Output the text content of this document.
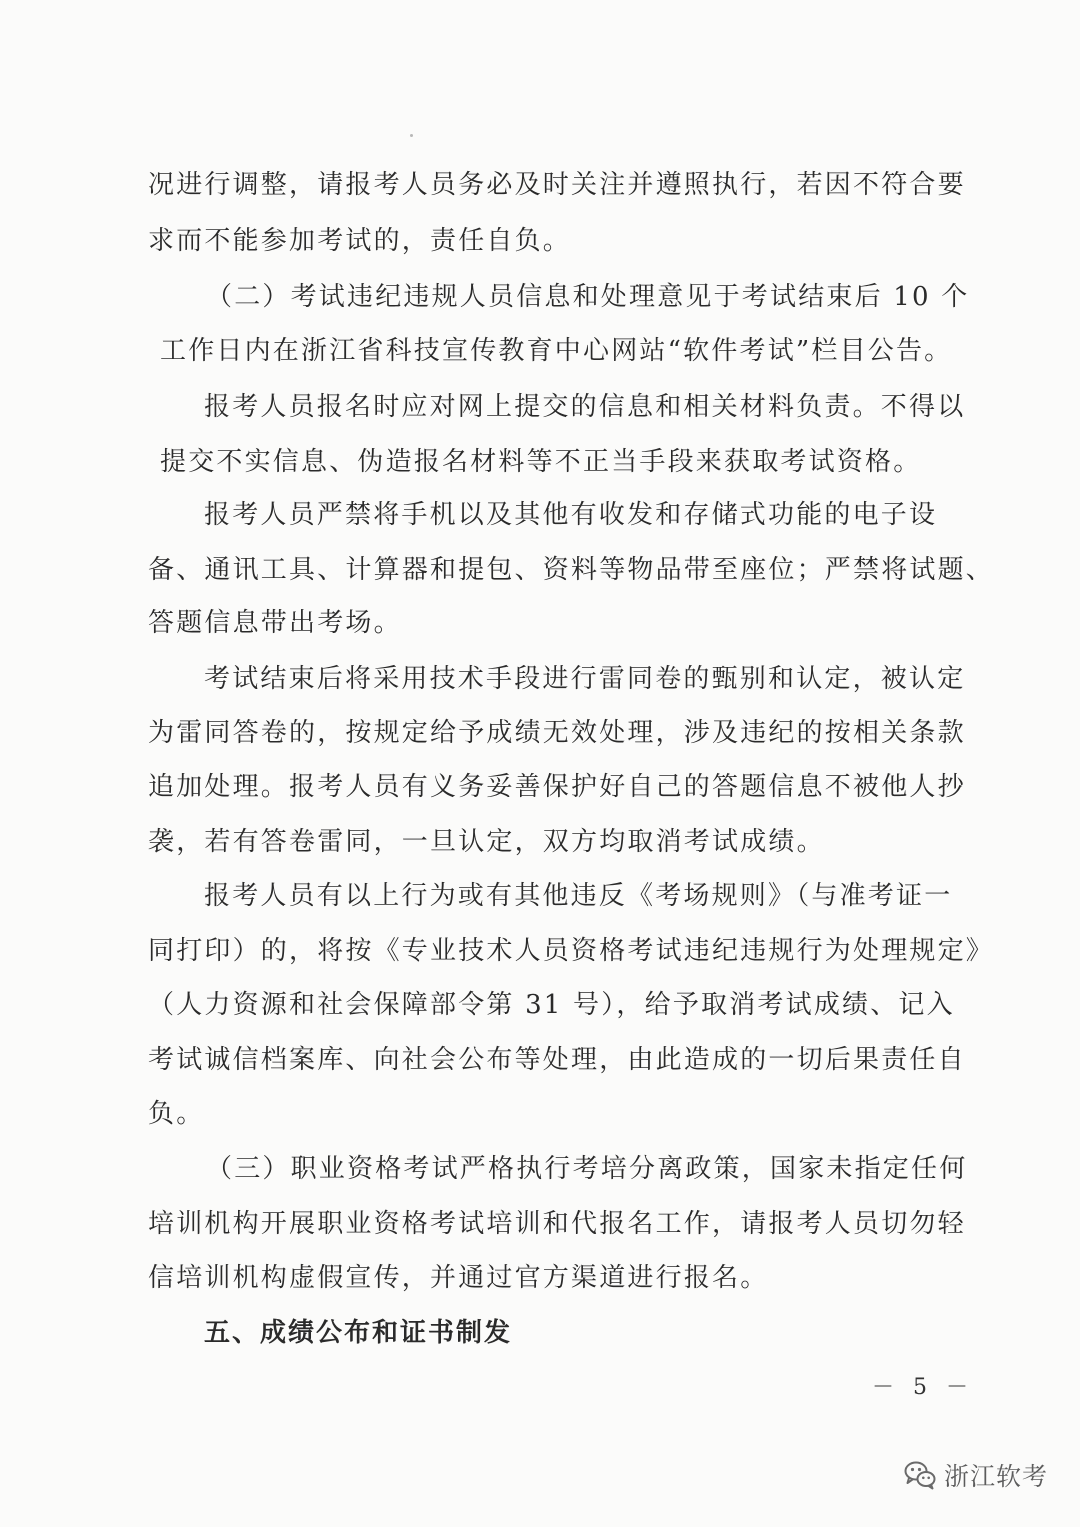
况进行调整，请报考人员务必及时关注并遵照执行，若因不符合要
求而不能参加考试的，责任自负。
（二）考试违纪违规人员信息和处理意见于考试结束后 10 个
工作日内在浙江省科技宣传教育中心网站“软件考试”栏目公告。
报考人员报名时应对网上提交的信息和相关材料负责。不得以
提交不实信息、伪造报名材料等不正当手段来获取考试资格。
报考人员严禁将手机以及其他有收发和存储式功能的电子设
备、通讯工具、计算器和提包、资料等物品带至座位；严禁将试题、
答题信息带出考场。
考试结束后将采用技术手段进行雷同卷的甄别和认定，被认定
为雷同答卷的，按规定给予成绩无效处理，涉及违纪的按相关条款
追加处理。报考人员有义务妥善保护好自己的答题信息不被他人抄
袭，若有答卷雷同，一旦认定，双方均取消考试成绩。
报考人员有以上行为或有其他违反《考场规则》（与准考证一
同打印）的，将按《专业技术人员资格考试违纪违规行为处理规定》
（人力资源和社会保障部令第 31 号），给予取消考试成绩、记入
考试诚信档案库、向社会公布等处理，由此造成的一切后果责任自
负。
（三）职业资格考试严格执行考培分离政策，国家未指定任何
培训机构开展职业资格考试培训和代报名工作，请报考人员切勿轻
信培训机构虚假宣传，并通过官方渠道进行报名。
五、成绩公布和证书制发
－ 5 －
浙江软考
